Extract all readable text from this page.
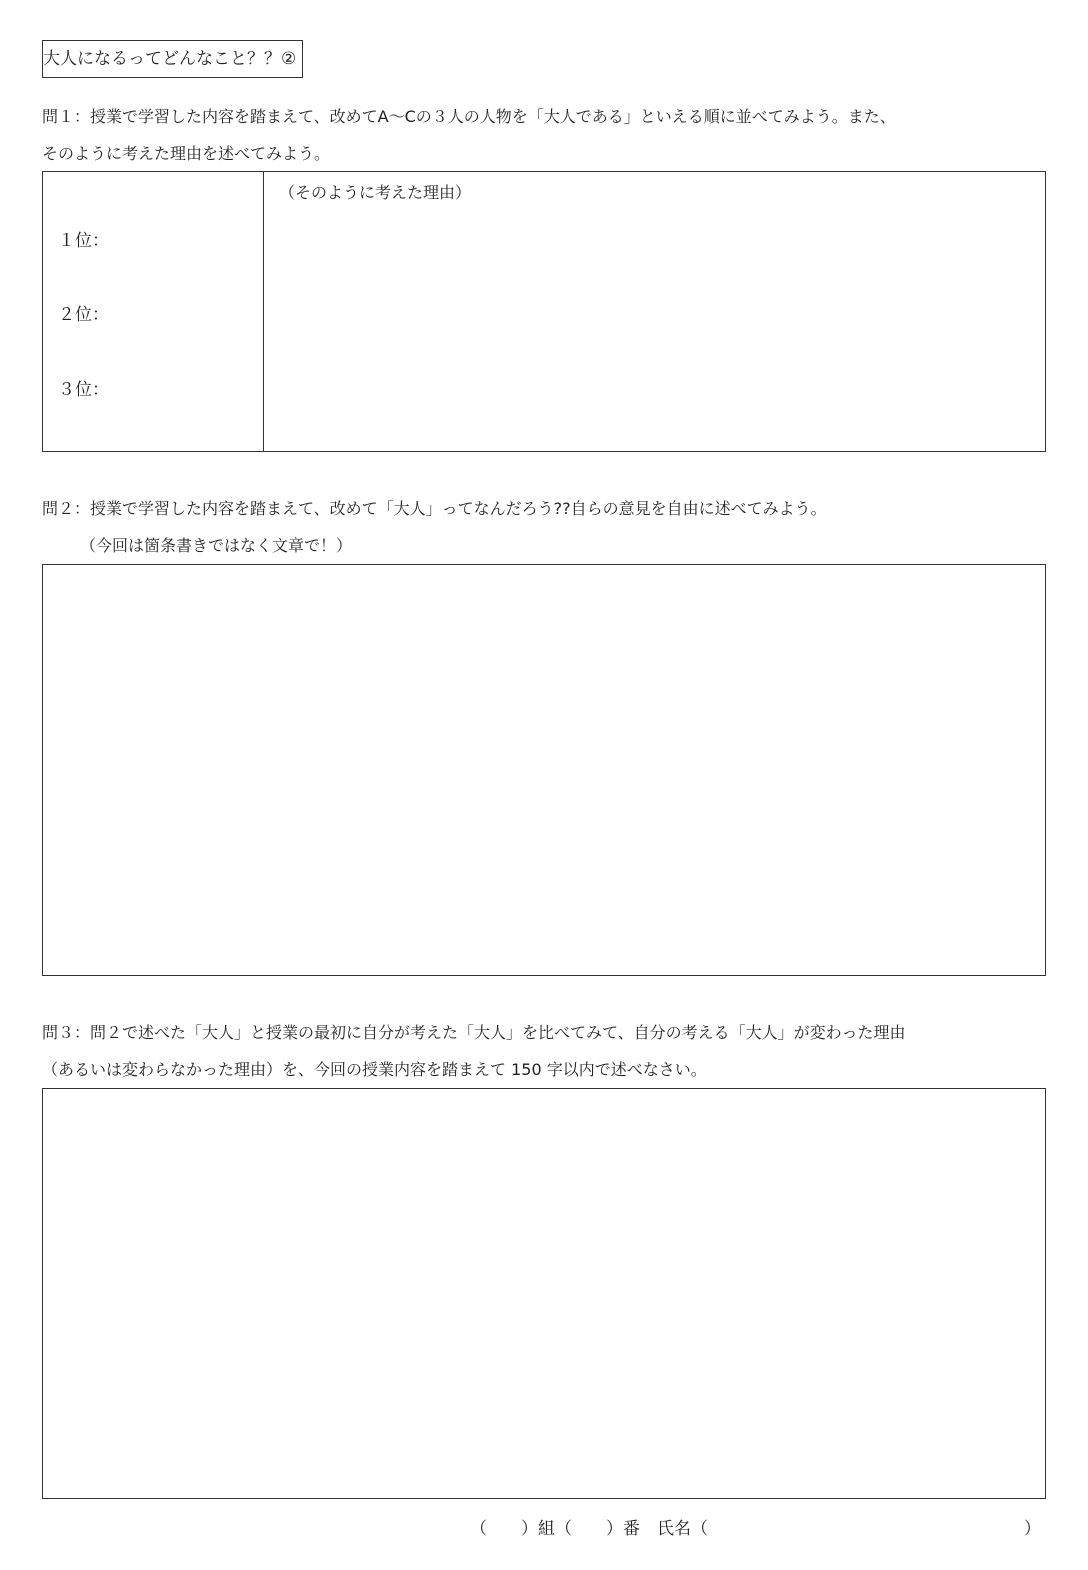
大人になるってどんなこと？？②
問１：授業で学習した内容を踏まえて、改めてA～Cの３人の人物を「大人である」といえる順に並べてみよう。また、
そのように考えた理由を述べてみよう。
１位：
２位：
３位：
（そのように考えた理由）
問２：授業で学習した内容を踏まえて、改めて「大人」ってなんだろう??自らの意見を自由に述べてみよう。
（今回は箇条書きではなく文章で！）
問３：問２で述べた「大人」と授業の最初に自分が考えた「大人」を比べてみて、自分の考える「大人」が変わった理由
（あるいは変わらなかった理由）を、今回の授業内容を踏まえて 150 字以内で述べなさい。
（　　）組（　　）番　氏名（	）
